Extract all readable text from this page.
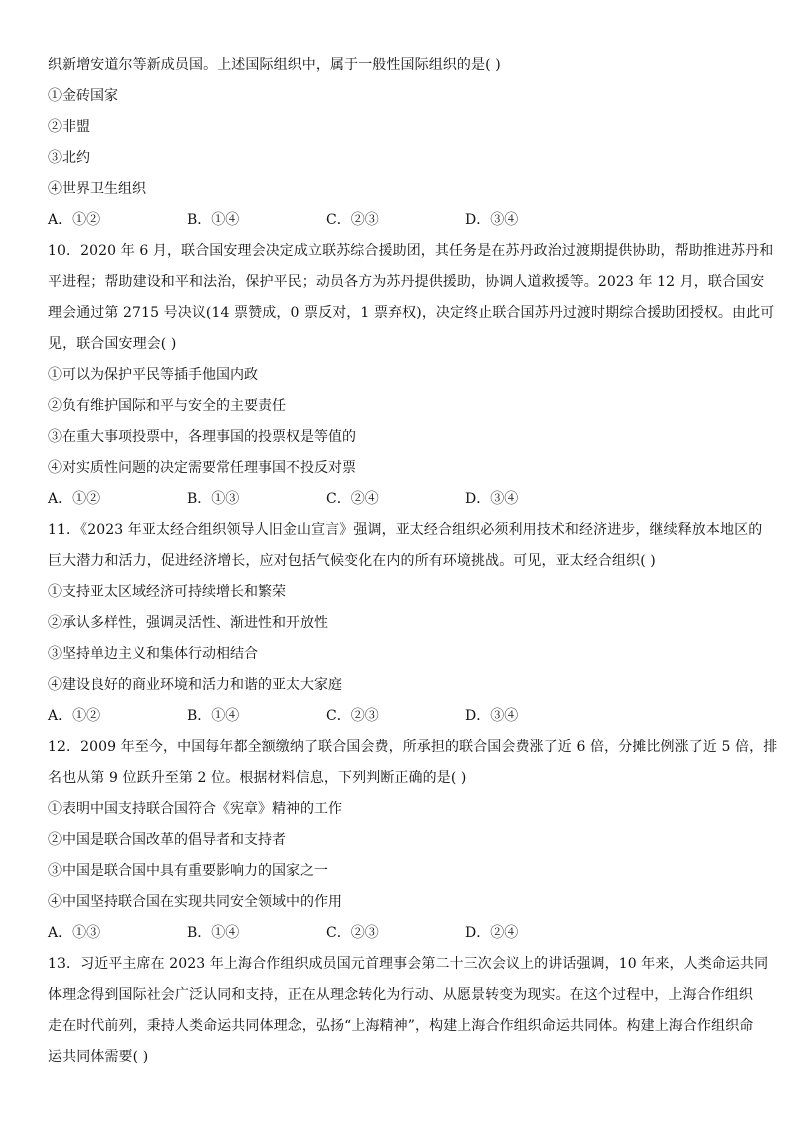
织新增安道尔等新成员国。上述国际组织中，属于一般性国际组织的是( )
①金砖国家
②非盟
③北约
④世界卫生组织
A．①②	B．①④	C．②③	D．③④
10．2020 年 6 月，联合国安理会决定成立联苏综合援助团，其任务是在苏丹政治过渡期提供协助，帮助推进苏丹和
平进程；帮助建设和平和法治，保护平民；动员各方为苏丹提供援助，协调人道救援等。2023 年 12 月，联合国安
理会通过第 2715 号决议(14 票赞成，0 票反对，1 票弃权)，决定终止联合国苏丹过渡时期综合援助团授权。由此可
见，联合国安理会( )
①可以为保护平民等插手他国内政
②负有维护国际和平与安全的主要责任
③在重大事项投票中，各理事国的投票权是等值的
④对实质性问题的决定需要常任理事国不投反对票
A．①②	B．①③	C．②④	D．③④
11．《2023 年亚太经合组织领导人旧金山宣言》强调，亚太经合组织必须利用技术和经济进步，继续释放本地区的
巨大潜力和活力，促进经济增长，应对包括气候变化在内的所有环境挑战。可见，亚太经合组织( )
①支持亚太区域经济可持续增长和繁荣
②承认多样性，强调灵活性、渐进性和开放性
③坚持单边主义和集体行动相结合
④建设良好的商业环境和活力和谐的亚太大家庭
A．①②	B．①④	C．②③	D．③④
12．2009 年至今，中国每年都全额缴纳了联合国会费，所承担的联合国会费涨了近 6 倍，分摊比例涨了近 5 倍，排
名也从第 9 位跃升至第 2 位。根据材料信息，下列判断正确的是( )
①表明中国支持联合国符合《宪章》精神的工作
②中国是联合国改革的倡导者和支持者
③中国是联合国中具有重要影响力的国家之一
④中国坚持联合国在实现共同安全领域中的作用
A．①③	B．①④	C．②③	D．②④
13．习近平主席在 2023 年上海合作组织成员国元首理事会第二十三次会议上的讲话强调，10 年来，人类命运共同
体理念得到国际社会广泛认同和支持，正在从理念转化为行动、从愿景转变为现实。在这个过程中，上海合作组织
走在时代前列，秉持人类命运共同体理念，弘扬“上海精神”，构建上海合作组织命运共同体。构建上海合作组织命
运共同体需要( )
